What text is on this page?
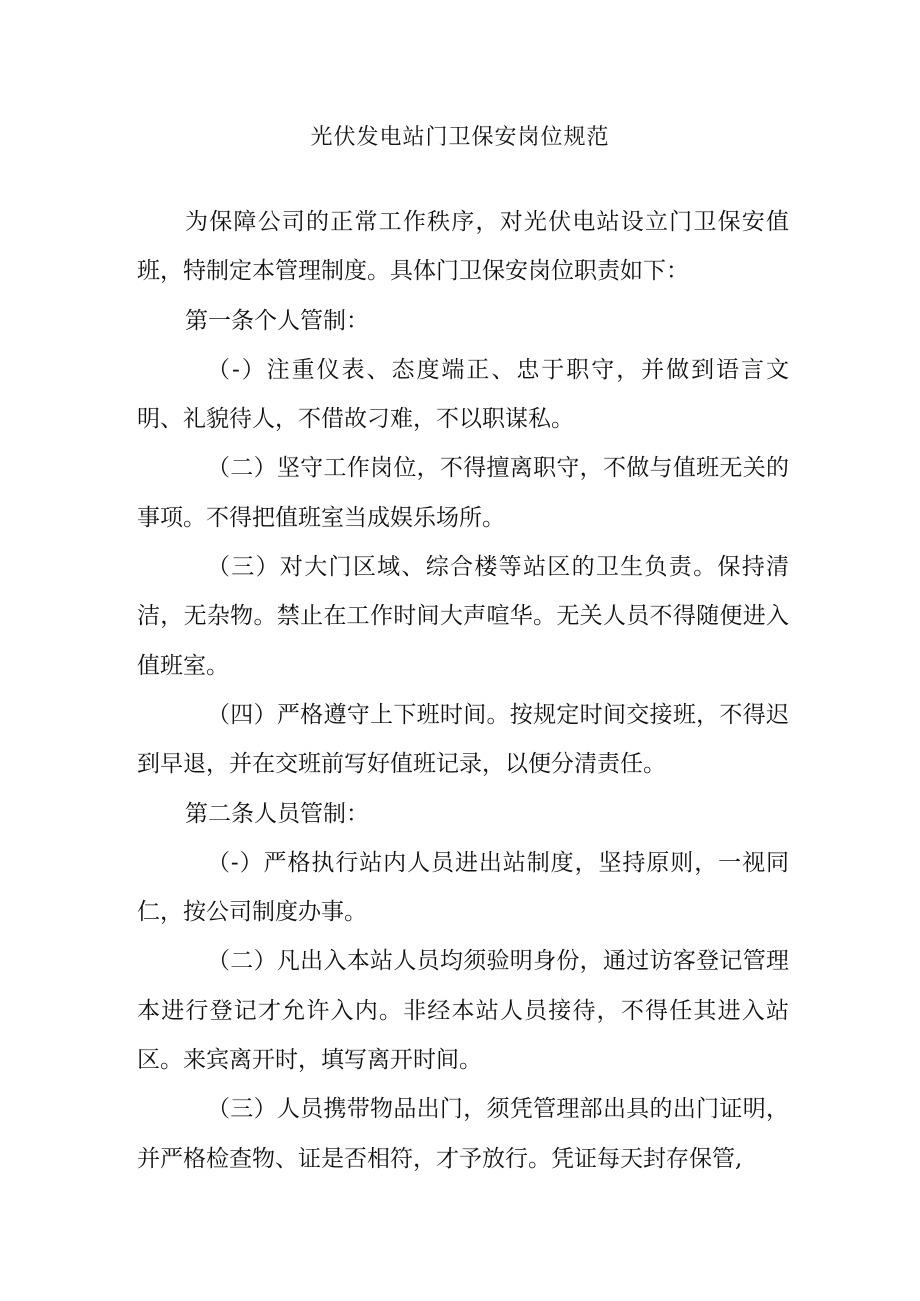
光伏发电站门卫保安岗位规范

为保障公司的正常工作秩序，对光伏电站设立门卫保安值班，特制定本管理制度。具体门卫保安岗位职责如下：

第一条个人管制：

（-）注重仪表、态度端正、忠于职守，并做到语言文明、礼貌待人，不借故刁难，不以职谋私。

（二）坚守工作岗位，不得擅离职守，不做与值班无关的事项。不得把值班室当成娱乐场所。

（三）对大门区域、综合楼等站区的卫生负责。保持清洁，无杂物。禁止在工作时间大声喧华。无关人员不得随便进入值班室。

（四）严格遵守上下班时间。按规定时间交接班，不得迟到早退，并在交班前写好值班记录，以便分清责任。

第二条人员管制：

（-）严格执行站内人员进出站制度，坚持原则，一视同仁，按公司制度办事。

（二）凡出入本站人员均须验明身份，通过访客登记管理本进行登记才允许入内。非经本站人员接待，不得任其进入站区。来宾离开时，填写离开时间。

（三）人员携带物品出门，须凭管理部出具的出门证明，并严格检查物、证是否相符，才予放行。凭证每天封存保管,
